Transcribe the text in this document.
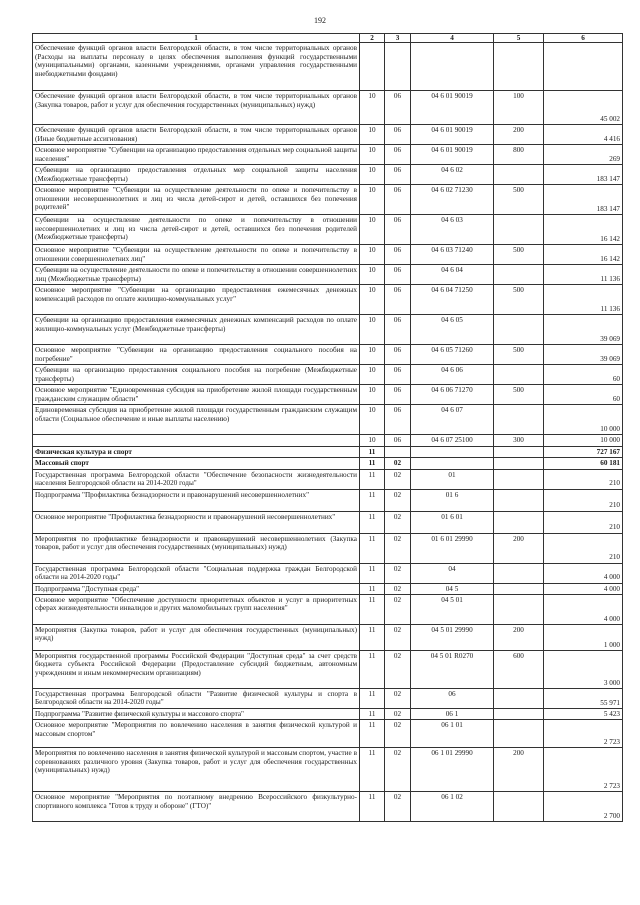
192
1	2	3	4	5	6
Обеспечение функций органов власти Белгородской области, в том числе территориальных органов (Расходы на выплаты персоналу в целях обеспечения выполнения функций государственными (муниципальными) органами, казенными учреждениями, органами управления государственными внебюджетными фондами)					
Обеспечение функций органов власти Белгородской области, в том числе территориальных органов (Закупка товаров, работ и услуг для обеспечения государственных (муниципальных) нужд)	10	06	04 6 01 90019	100	45 002
Обеспечение функций органов власти Белгородской области, в том числе территориальных органов (Иные бюджетные ассигнования)	10	06	04 6 01 90019	200	4 416
Основное мероприятие "Субвенции на организацию предоставления отдельных мер социальной защиты населения"	10	06	04 6 01 90019	800	269
Субвенции на организацию предоставления отдельных мер социальной защиты населения (Межбюджетные трансферты)	10	06	04 6 02		183 147
Основное мероприятие "Субвенции на осуществление деятельности по опеке и попечительству в отношении несовершеннолетних и лиц из числа детей-сирот и детей, оставшихся без попечения родителей"	10	06	04 6 02 71230	500	183 147
Субвенции на осуществление деятельности по опеке и попечительству в отношении несовершеннолетних и лиц из числа детей-сирот и детей, оставшихся без попечения родителей (Межбюджетные трансферты)	10	06	04 6 03		16 142
Основное мероприятие "Субвенции на осуществление деятельности по опеке и попечительству в отношении совершеннолетних лиц"	10	06	04 6 03 71240	500	16 142
Субвенции на осуществление деятельности по опеке и попечительству в отношении совершеннолетних лиц (Межбюджетные трансферты)	10	06	04 6 04		11 136
Основное мероприятие "Субвенции на организацию предоставления ежемесячных денежных компенсаций расходов по оплате жилищно-коммунальных услуг"	10	06	04 6 04 71250	500	11 136
Субвенции на организацию предоставления ежемесячных денежных компенсаций расходов по оплате жилищно-коммунальных услуг (Межбюджетные трансферты)	10	06	04 6 05		39 069
Основное мероприятие "Субвенции на организацию предоставления социального пособия на погребение"	10	06	04 6 05 71260	500	39 069
Субвенции на организацию предоставления социального пособия на погребение (Межбюджетные трансферты)	10	06	04 6 06		60
Основное мероприятие "Единовременная субсидия на приобретение жилой площади государственным гражданским служащим области"	10	06	04 6 06 71270	500	60
Единовременная субсидия на приобретение жилой площади государственным гражданским служащим области (Социальное обеспечение и иные выплаты населению)	10	06	04 6 07		10 000
	10	06	04 6 07 25100	300	10 000
Физическая культура и спорт	11				727 167
Массовый спорт	11	02			60 181
Государственная программа Белгородской области "Обеспечение безопасности жизнедеятельности населения Белгородской области на 2014-2020 годы"	11	02	01		210
Подпрограмма "Профилактика безнадзорности и правонарушений несовершеннолетних"	11	02	01 6		210
Основное мероприятие "Профилактика безнадзорности и правонарушений несовершеннолетних"	11	02	01 6 01		210
Мероприятия по профилактике безнадзорности и правонарушений несовершеннолетних (Закупка товаров, работ и услуг для обеспечения государственных (муниципальных) нужд)	11	02	01 6 01 29990	200	210
Государственная программа Белгородской области "Социальная поддержка граждан Белгородской области на 2014-2020 годы"	11	02	04		4 000
Подпрограмма "Доступная среда"	11	02	04 5		4 000
Основное мероприятие "Обеспечение доступности приоритетных объектов и услуг в приоритетных сферах жизнедеятельности инвалидов и других маломобильных групп населения"	11	02	04 5 01		4 000
Мероприятия (Закупка товаров, работ и услуг для обеспечения государственных (муниципальных) нужд)	11	02	04 5 01 29990	200	1 000
Мероприятия государственной программы Российской Федерации "Доступная среда" за счет средств бюджета субъекта Российской Федерации (Предоставление субсидий бюджетным, автономным учреждениям и иным некоммерческим организациям)	11	02	04 5 01 R0270	600	3 000
Государственная программа Белгородской области "Развитие физической культуры и спорта в Белгородской области на 2014-2020 годы"	11	02	06		55 971
Подпрограмма "Развитие физической культуры и массового спорта"	11	02	06 1		5 423
Основное мероприятие "Мероприятия по вовлечению населения в занятия физической культурой и массовым спортом"	11	02	06 1 01		2 723
Мероприятия по вовлечению населения в занятия физической культурой и массовым спортом, участие в соревнованиях различного уровня (Закупка товаров, работ и услуг для обеспечения государственных (муниципальных) нужд)	11	02	06 1 01 29990	200	2 723
Основное мероприятие "Мероприятия по поэтапному внедрению Всероссийского физкультурно-спортивного комплекса "Готов к труду и обороне" (ГТО)"	11	02	06 1 02		2 700
